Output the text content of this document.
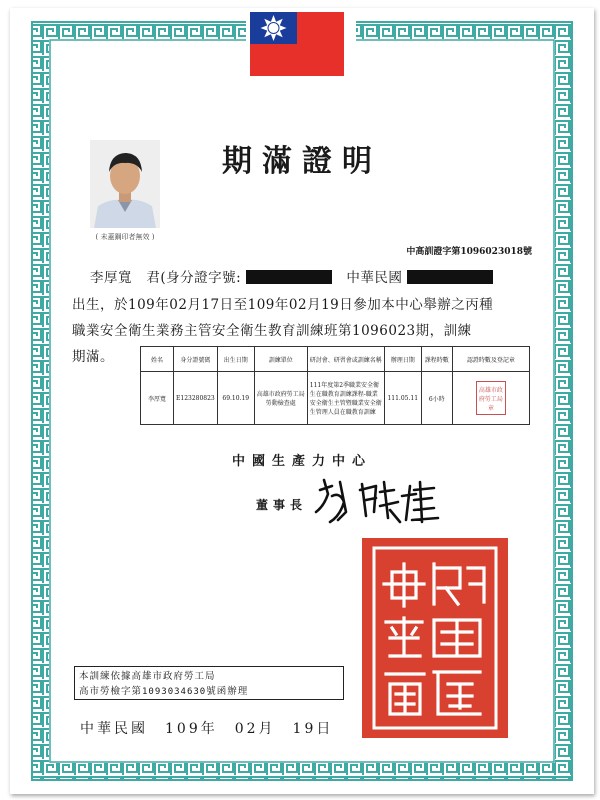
期滿證明
( 未蓋鋼印者無效 )
中高訓證字第1096023018號
李厚寬 君(身分證字號:	中華民國

出生，於109年02月17日至109年02月19日參加本中心舉辦之丙種

職業安全衛生業務主管安全衛生教育訓練班第1096023期，訓練

期滿。	姓名	身分證號碼	出生日期	訓練單位	研討會、研習會或訓練名稱	辦理日期	課程時數	認證時數及登記章
李厚寬	E123280823	69.10.19	高雄市政府勞工局勞動檢查處	111年度第2季職業安全衛生在職教育訓練課程-職業安全衛生主管暨職業安全衛生管理人員在職教育訓練	111.05.11	6小時	高雄市政府勞工局章
中國生產力中心
董事長

本訓練依據高雄市政府勞工局

高市勞檢字第1093034630號函辦理

中華民國　109年　02月　19日
